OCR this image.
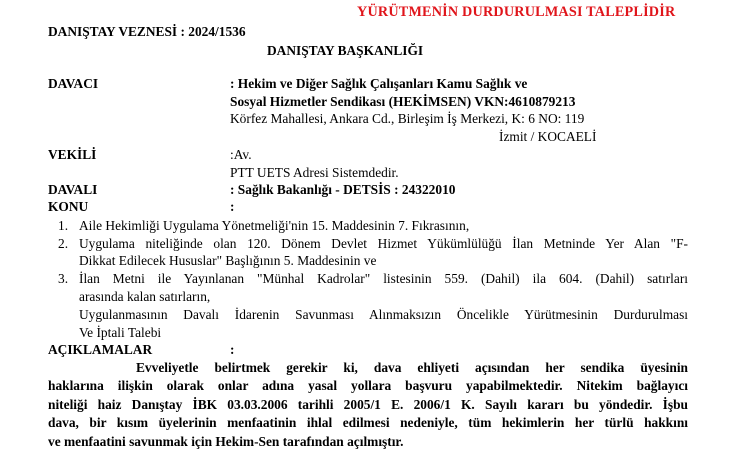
YÜRÜTMENİN DURDURULMASI TALEPLİDİR
DANIŞTAY VEZNESİ : 2024/1536
DANIŞTAY BAŞKANLIĞI
DAVACI	: Hekim ve Diğer Sağlık Çalışanları Kamu Sağlık ve
Sosyal Hizmetler Sendikası (HEKİMSEN) VKN:4610879213
Körfez Mahallesi, Ankara Cd., Birleşim İş Merkezi, K: 6 NO: 119
İzmit / KOCAELİ
VEKİLİ	:Av.
PTT UETS Adresi Sistemdedir.
DAVALI	: Sağlık Bakanlığı - DETSİS : 24322010
KONU	:
1. Aile Hekimliği Uygulama Yönetmeliği'nin 15. Maddesinin 7. Fıkrasının,
2. Uygulama niteliğinde olan 120. Dönem Devlet Hizmet Yükümlülüğü İlan Metninde Yer Alan "F-
Dikkat Edilecek Hususlar" Başlığının 5. Maddesinin ve
3. İlan Metni ile Yayınlanan "Münhal Kadrolar" listesinin 559. (Dahil) ila 604. (Dahil) satırları
arasında kalan satırların,
Uygulanmasının Davalı İdarenin Savunması Alınmaksızın Öncelikle Yürütmesinin Durdurulması
Ve İptali Talebi
AÇIKLAMALAR	:
Evveliyetle belirtmek gerekir ki, dava ehliyeti açısından her sendika üyesinin
haklarına ilişkin olarak onlar adına yasal yollara başvuru yapabilmektedir. Nitekim bağlayıcı
niteliği haiz Danıştay İBK 03.03.2006 tarihli 2005/1 E. 2006/1 K. Sayılı kararı bu yöndedir. İşbu
dava, bir kısım üyelerinin menfaatinin ihlal edilmesi nedeniyle, tüm hekimlerin her türlü hakkını
ve menfaatini savunmak için Hekim-Sen tarafından açılmıştır.
